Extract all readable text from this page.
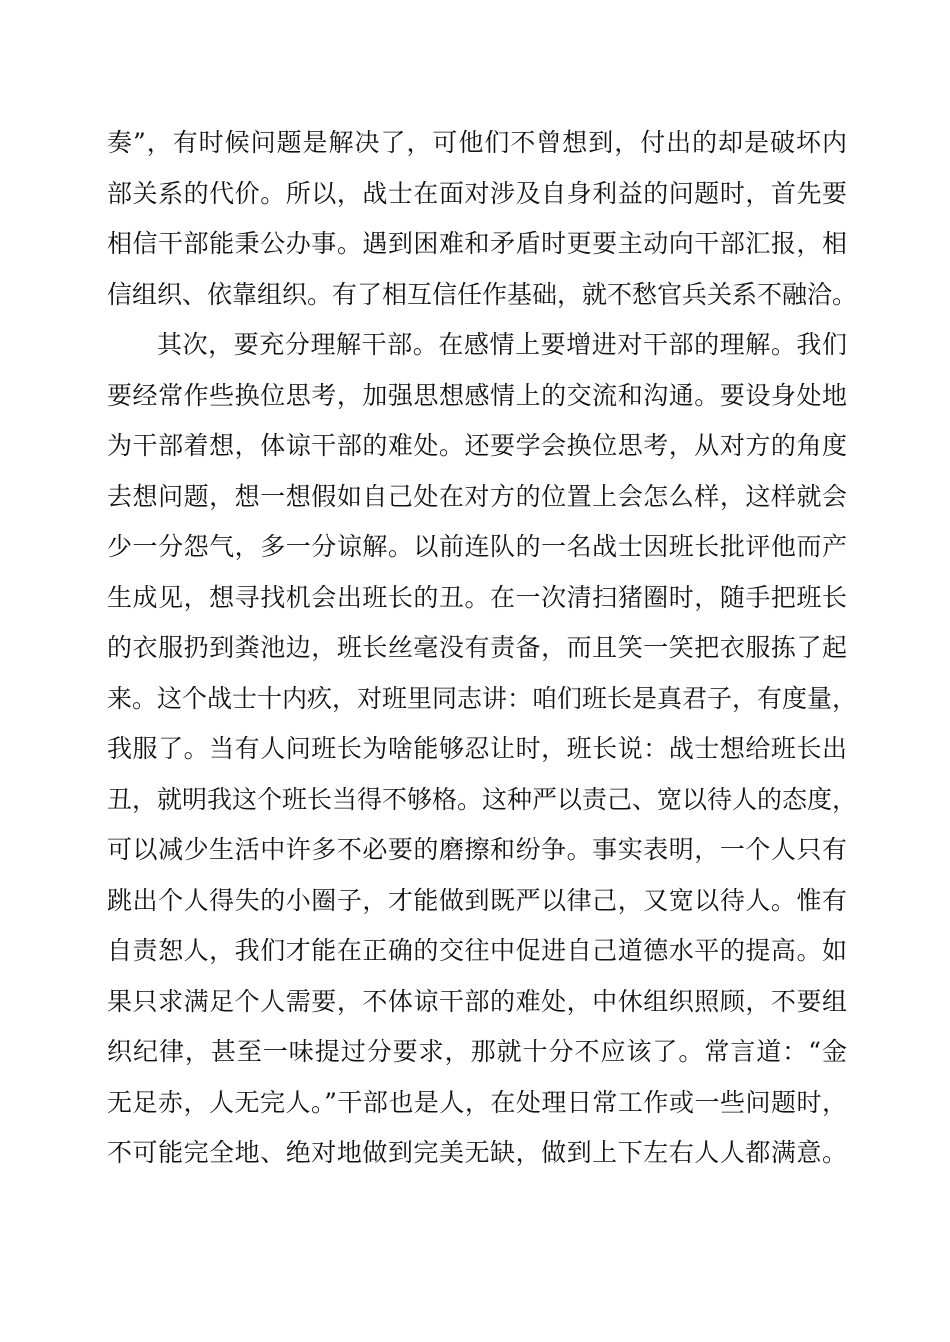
奏”，有时候问题是解决了，可他们不曾想到，付出的却是破坏内
部关系的代价。所以，战士在面对涉及自身利益的问题时，首先要
相信干部能秉公办事。遇到困难和矛盾时更要主动向干部汇报，相
信组织、依靠组织。有了相互信任作基础，就不愁官兵关系不融洽。
其次，要充分理解干部。在感情上要增进对干部的理解。我们
要经常作些换位思考，加强思想感情上的交流和沟通。要设身处地
为干部着想，体谅干部的难处。还要学会换位思考，从对方的角度
去想问题，想一想假如自己处在对方的位置上会怎么样，这样就会
少一分怨气，多一分谅解。以前连队的一名战士因班长批评他而产
生成见，想寻找机会出班长的丑。在一次清扫猪圈时，随手把班长
的衣服扔到粪池边，班长丝毫没有责备，而且笑一笑把衣服拣了起
来。这个战士十内疚，对班里同志讲：咱们班长是真君子，有度量，
我服了。当有人问班长为啥能够忍让时，班长说：战士想给班长出
丑，就明我这个班长当得不够格。这种严以责己、宽以待人的态度，
可以减少生活中许多不必要的磨擦和纷争。事实表明，一个人只有
跳出个人得失的小圈子，才能做到既严以律己，又宽以待人。惟有
自责恕人，我们才能在正确的交往中促进自己道德水平的提高。如
果只求满足个人需要，不体谅干部的难处，中休组织照顾，不要组
织纪律，甚至一味提过分要求，那就十分不应该了。常言道：“金
无足赤，人无完人。”干部也是人，在处理日常工作或一些问题时，
不可能完全地、绝对地做到完美无缺，做到上下左右人人都满意。
